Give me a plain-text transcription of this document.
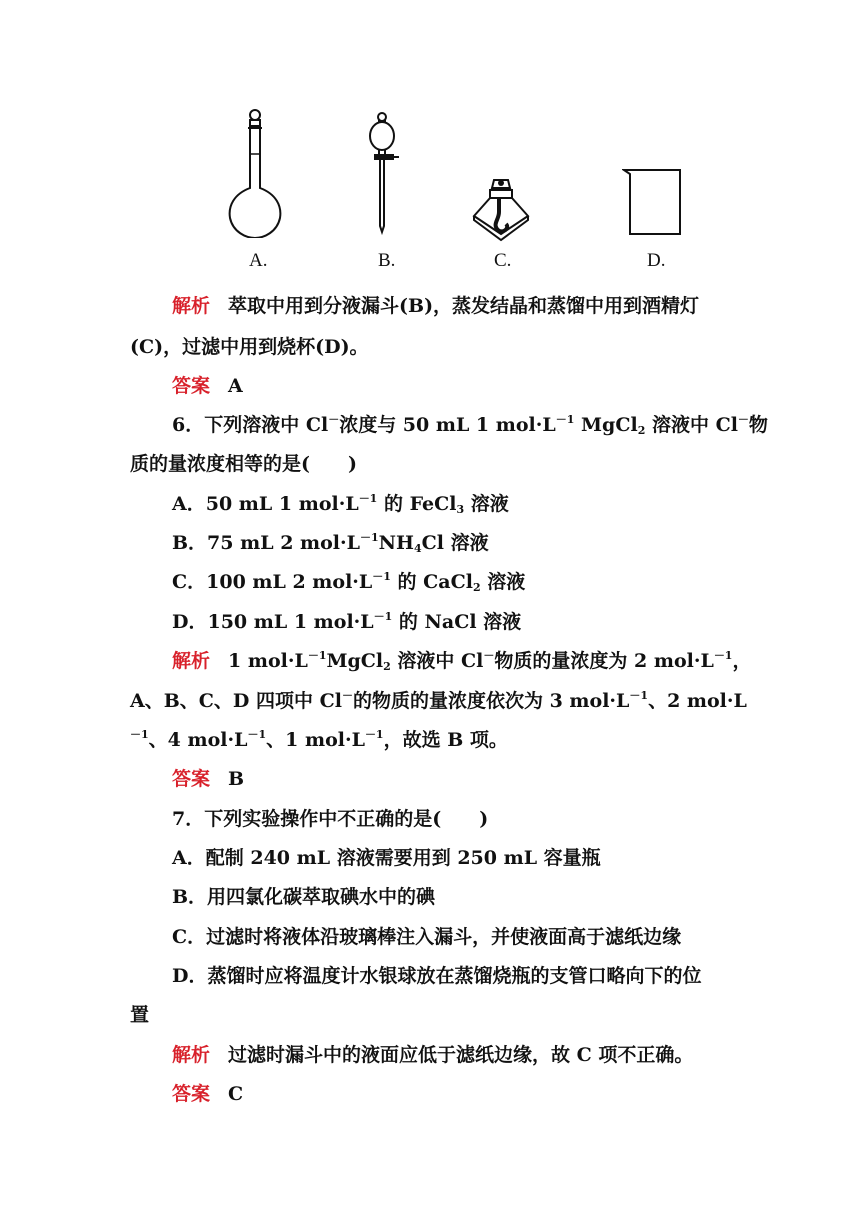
A.	B.	C.	D.
解析 萃取中用到分液漏斗(B)，蒸发结晶和蒸馏中用到酒精灯
(C)，过滤中用到烧杯(D)。
答案 A
6．下列溶液中 Cl－浓度与 50 mL 1 $mol\cdot L^{-1}$ MgCl$_2$ 溶液中 Cl－物
质的量浓度相等的是(　　)
A．50 mL 1 $mol\cdot L^{-1}$ 的 FeCl$_3$ 溶液
B．75 mL 2 $mol\cdot L^{-1}NH_4Cl$ 溶液
C．100 mL 2 $mol\cdot L^{-1}$ 的 CaCl$_2$ 溶液
D．150 mL 1 $mol\cdot L^{-1}$ 的 NaCl 溶液
解析 1 $mol\cdot L^{-1}MgCl_2$ 溶液中 Cl－物质的量浓度为 2 $mol\cdot L^{-1}$，
A、B、C、D 四项中 Cl－的物质的量浓度依次为 3 $mol\cdot L^{-1}$、2 mol·L
$^{-1}$、4 $mol\cdot L^{-1}$、1 $mol\cdot L^{-1}$，故选 B 项。
答案 B
7．下列实验操作中不正确的是(　　)
A．配制 240 mL 溶液需要用到 250 mL 容量瓶
B．用四氯化碳萃取碘水中的碘
C．过滤时将液体沿玻璃棒注入漏斗，并使液面高于滤纸边缘
D．蒸馏时应将温度计水银球放在蒸馏烧瓶的支管口略向下的位
置
解析 过滤时漏斗中的液面应低于滤纸边缘，故 C 项不正确。
答案 C
